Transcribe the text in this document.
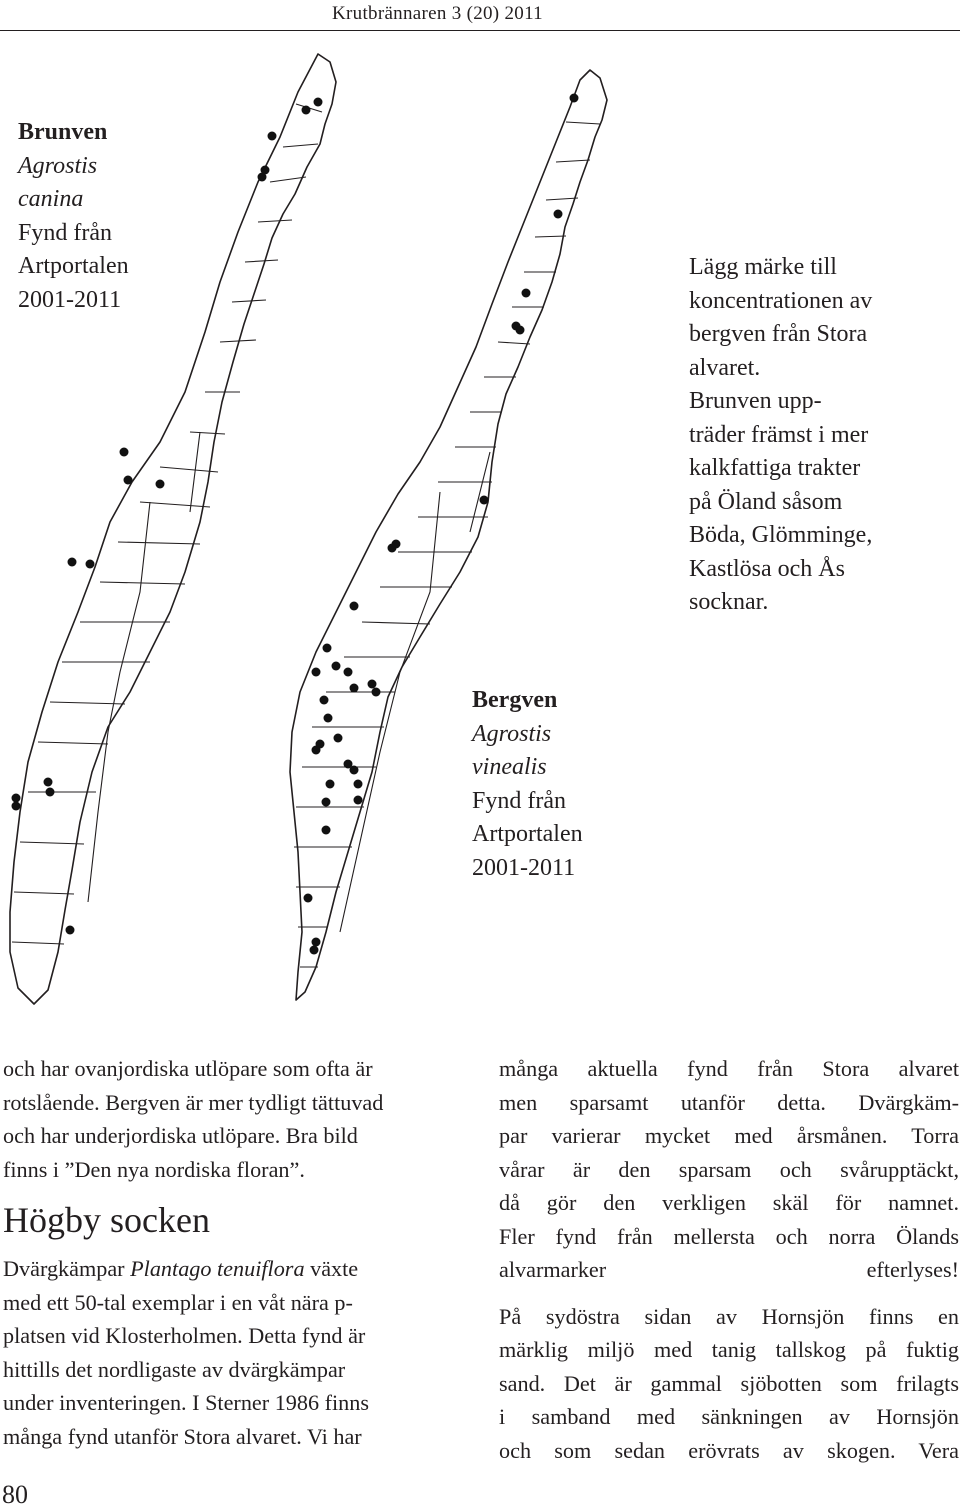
Krutbrännaren 3 (20) 2011
Brunven
Agrostis
canina
Fynd från
Artportalen
2001-2011
Bergven
Agrostis
vinealis
Fynd från
Artportalen
2001-2011
Lägg märke till
koncentrationen av
bergven från Stora
alvaret.
Brunven upp-
träder främst i mer
kalkfattiga trakter
på Öland såsom
Böda, Glömminge,
Kastlösa och Ås
socknar.
och har ovanjordiska utlöpare som ofta är
rotslående. Bergven är mer tydligt tättuvad
och har underjordiska utlöpare. Bra bild
finns i ”Den nya nordiska floran”.
Högby socken
Dvärgkämpar Plantago tenuiflora växte
med ett 50-tal exemplar i en våt nära p-
platsen vid Klosterholmen. Detta fynd är
hittills det nordligaste av dvärgkämpar
under inventeringen. I Sterner 1986 finns
många fynd utanför Stora alvaret. Vi har
många aktuella fynd från Stora alvaret
men sparsamt utanför detta. Dvärgkäm-
par varierar mycket med årsmånen. Torra
vårar är den sparsam och svårupptäckt,
då gör den verkligen skäl för namnet.
Fler fynd från mellersta och norra Ölands
alvarmarker efterlyses!
På sydöstra sidan av Hornsjön finns en
märklig miljö med tanig tallskog på fuktig
sand. Det är gammal sjöbotten som frilagts
i samband med sänkningen av Hornsjön
och som sedan erövrats av skogen. Vera
80
